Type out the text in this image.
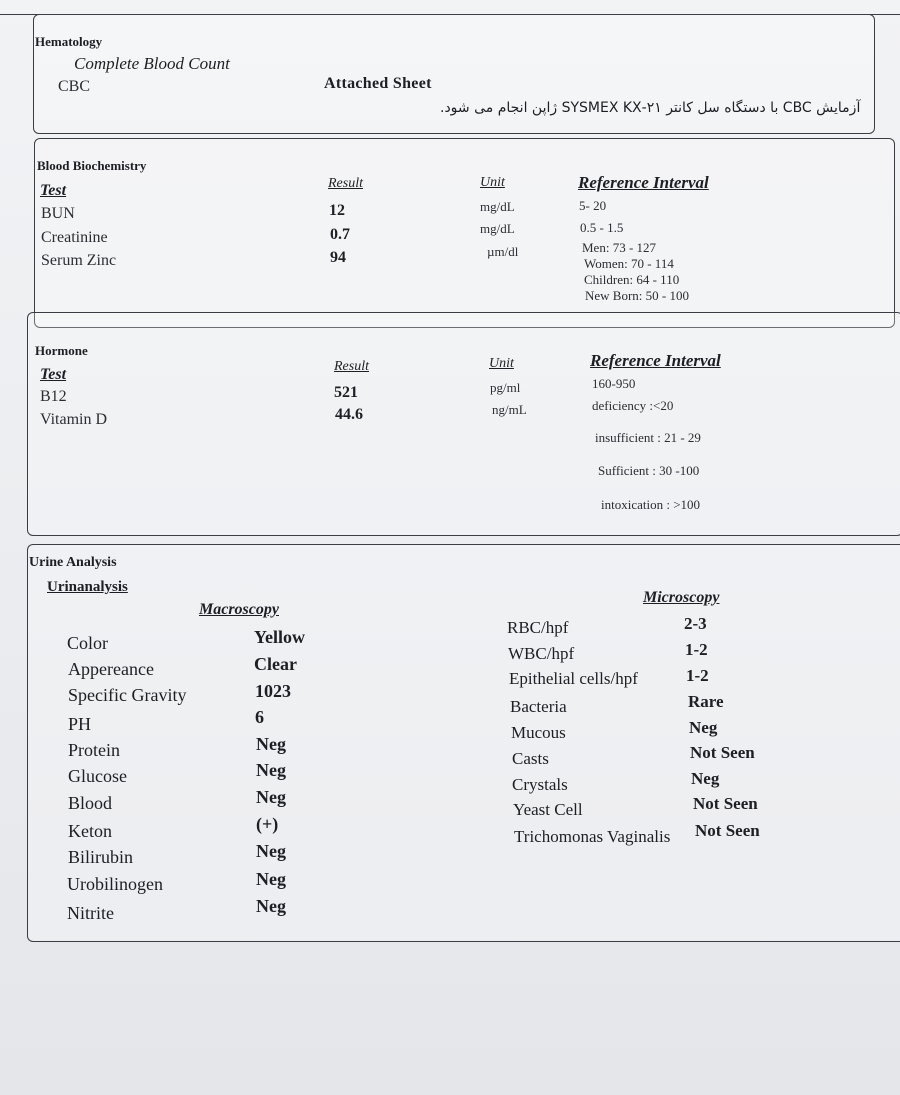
Hematology
Complete Blood Count
CBC	Attached Sheet
آزمایش CBC با دستگاه سل کانتر ۲۱-SYSMEX KX ژاپن انجام می شود.
Blood Biochemistry
Test	Result	Unit	Reference Interval
BUN	12	mg/dL	5- 20
Creatinine	0.7	mg/dL	0.5 - 1.5
Serum Zinc	94	µm/dl	Men: 73 - 127
Women: 70 - 114
Children: 64 - 110
New Born: 50 - 100
Hormone
Test	Result	Unit	Reference Interval
B12	521	pg/ml	160-950
Vitamin D	44.6	ng/mL	deficiency :<20
insufficient : 21 - 29
Sufficient : 30 -100
intoxication : >100
Urine Analysis
Urinanalysis
Macroscopy
Microscopy
Color	Yellow
Appereance	Clear
Specific Gravity	1023
PH	6
Protein	Neg
Glucose	Neg
Blood	Neg
Keton	(+)
Bilirubin	Neg
Urobilinogen	Neg
Nitrite	Neg
RBC/hpf	2-3
WBC/hpf	1-2
Epithelial cells/hpf	1-2
Bacteria	Rare
Mucous	Neg
Casts	Not Seen
Crystals	Neg
Yeast Cell	Not Seen
Trichomonas Vaginalis Not Seen
